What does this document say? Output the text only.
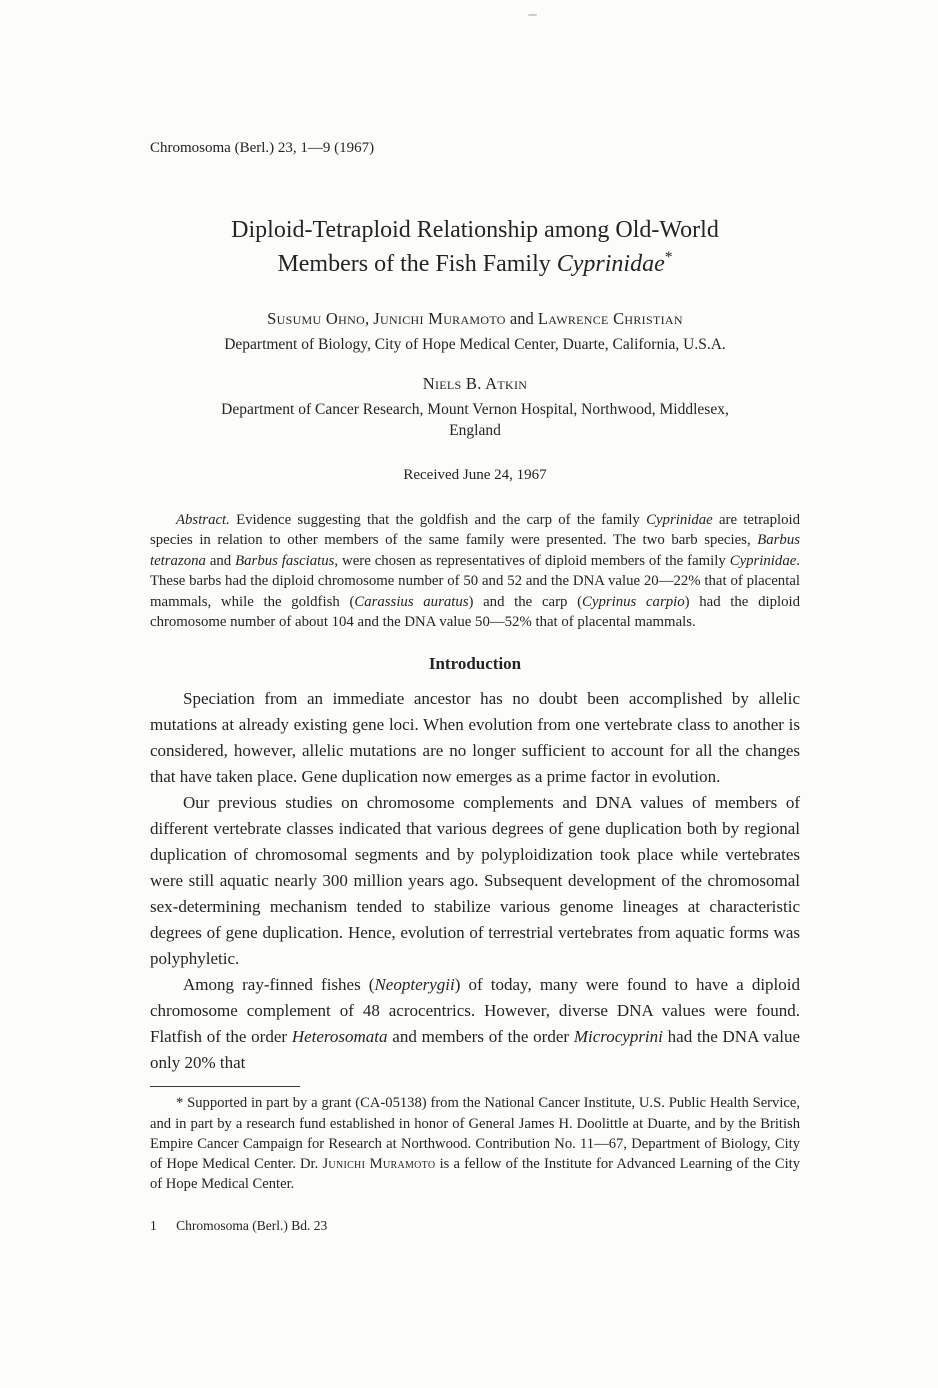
Chromosoma (Berl.) 23, 1—9 (1967)
Diploid-Tetraploid Relationship among Old-World
Members of the Fish Family Cyprinidae*
Susumu Ohno, Junichi Muramoto and Lawrence Christian
Department of Biology, City of Hope Medical Center, Duarte, California, U.S.A.
Niels B. Atkin
Department of Cancer Research, Mount Vernon Hospital, Northwood, Middlesex,
England
Received June 24, 1967

Abstract. Evidence suggesting that the goldfish and the carp of the family Cyprinidae are tetraploid species in relation to other members of the same family were presented. The two barb species, Barbus tetrazona and Barbus fasciatus, were chosen as representatives of diploid members of the family Cyprinidae. These barbs had the diploid chromosome number of 50 and 52 and the DNA value 20—22% that of placental mammals, while the goldfish (Carassius auratus) and the carp (Cyprinus carpio) had the diploid chromosome number of about 104 and the DNA value 50—52% that of placental mammals.

Introduction

Speciation from an immediate ancestor has no doubt been accomplished by allelic mutations at already existing gene loci. When evolution from one vertebrate class to another is considered, however, allelic mutations are no longer sufficient to account for all the changes that have taken place. Gene duplication now emerges as a prime factor in evolution.

Our previous studies on chromosome complements and DNA values of members of different vertebrate classes indicated that various degrees of gene duplication both by regional duplication of chromosomal segments and by polyploidization took place while vertebrates were still aquatic nearly 300 million years ago. Subsequent development of the chromosomal sex-determining mechanism tended to stabilize various genome lineages at characteristic degrees of gene duplication. Hence, evolution of terrestrial vertebrates from aquatic forms was polyphyletic.

Among ray-finned fishes (Neopterygii) of today, many were found to have a diploid chromosome complement of 48 acrocentrics. However, diverse DNA values were found. Flatfish of the order Heterosomata and members of the order Microcyprini had the DNA value only 20% that

* Supported in part by a grant (CA-05138) from the National Cancer Institute, U.S. Public Health Service, and in part by a research fund established in honor of General James H. Doolittle at Duarte, and by the British Empire Cancer Campaign for Research at Northwood. Contribution No. 11—67, Department of Biology, City of Hope Medical Center. Dr. Junichi Muramoto is a fellow of the Institute for Advanced Learning of the City of Hope Medical Center.

1 Chromosoma (Berl.) Bd. 23
